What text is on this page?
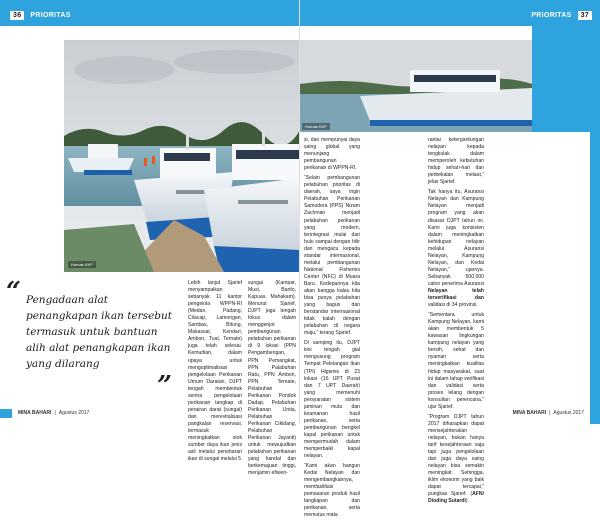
36	PRIORITAS
Humas KKP
“ Pengadaan alat penangkapan ikan tersebut termasuk untuk bantuan alih alat penangkapan ikan yang dilarang
”

Lebih lanjut Sjarief menyampaikan sebanyak 11 kantor pengelola WPPN-RI (Medan, Padang, Cilacap, Lamongan, Sambas, Bitung, Makassar, Kendari, Ambon, Tual, Ternate) juga telah selesai. Kemudian, dalam upaya untuk mengoptimalisasi pengelolaan Perikanan Umum Daratan, DJPT tengah membentuk sentra pengelolaan perikanan tangkap di perairan darat (sungai) dan merevitalisasi pangkalan reservasi, termasuk meningkatkan stok sumber daya ikan jenis asli melalui penebaran ikan di sungai melalui 5

sungai (Kampar, Musi, Barito, Kapuas, Mahakam). Menurut Sjarief, DJPT juga tengah fokus dalam menggenjot pembangunan pelabuhan perikanan di 9 lokasi (PPN Pengambengan, PPN Pemangkat, PPN Palabuhan Ratu, PPN Ambon, PPN Ternate, Pelabuhan Perikanan Pondok Dadap, Pelabuhan Perikanan Untia, Pelabuhan Perikanan Cikidang, Pelabuhan Perikanan Jayanti) untuk mewujudkan pelabuhan perikanan yang handal dan berkemajuan tinggi, menjamin efisien-

MINA BAHARI | Agustus 2017
PRIORITAS	37
Humas KKP

si, dan mempunyai daya saing global yang menunjang pembangunan perikanan di WPPN-RI.

“Selain pembangunan pelabuhan prioritas di daerah, saya ingin Pelabuhan Perikanan Samudera (PPS) Nizam Zachman menjadi pelabuhan perikanan yang modern, terintegrasi mulai dari hulu sampai dengan hilir dan mengacu kepada standar internasional, melalui pembangunan National Fisheries Center (NFC) di Muara Baru. Kedepannya kita akan bangga kalau kita bisa punya pelabuhan yang bagus dan berstandar internasional tidak kalah dengan pelabuhan di negara maju,” terang Sjarief.

Di samping itu, DJPT kini tengah gial mengusung program Tempat Pelelangan Ikan (TPI) Higienis di 23 lokasi (16 UPT Pusat dan 7 UPT Daerah) yang memenuhi persyaratan sistem jaminan mutu dan keamanan hasil perikanan, serta pembangunan bengkel kapal perikanan untuk mempermudah dalam memperbaiki kapal nelayan.

“Kami akan bangun Kedai Nelayan dan mengembangkannya, memfasilitasi pemasaran produk hasil tangkapan dan perikanan, serta memutus mata

rantai ketergantungan nelayan kepada tengkulak dalam memperoleh kebutuhan hidup sehari-hari dan perbekalan melaut,” jelas Sjarief.

Tak hanya itu, Asuransi Nelayan dan Kampung Nelayan menjadi program yang akan disasar DJPT tahun ini. Kami juga konsisten dalam meningkatkan kehidupan nelayan melalui Asuransi Nelayan, Kampung Nelayan, dan Kedai Nelayan,” ujarnya. Sebanyak 500.000 calon penerima Asuransi Nelayan telah terverifikasi dan validasi di 34 provinsi.

“Sementara untuk Kampung Nelayan, kami akan membentuk 5 kawasan lingkungan kampung nelayan yang bersih, sehat dan nyaman serta meningkatkan kualitas hidup masyarakat, saat ini dalam tahap verifikasi dan validasi serta proses lelang dengan konsultan perencana,” ujar Sjarief.

“Program DJPT tahun 2017 diharapkan dapat mensejahterakan nelayan, bukan hanya tarif kesejahteraan saja tapi juga pengelolaan dan juga daya saing nelayan bisa semakin meningkat. Sehingga, iklim ekonomi yang baik dapat tercapai,” pungkas Sjarief. (AFN/ Dioding Sutardi)

MINA BAHARI | Agustus 2017
